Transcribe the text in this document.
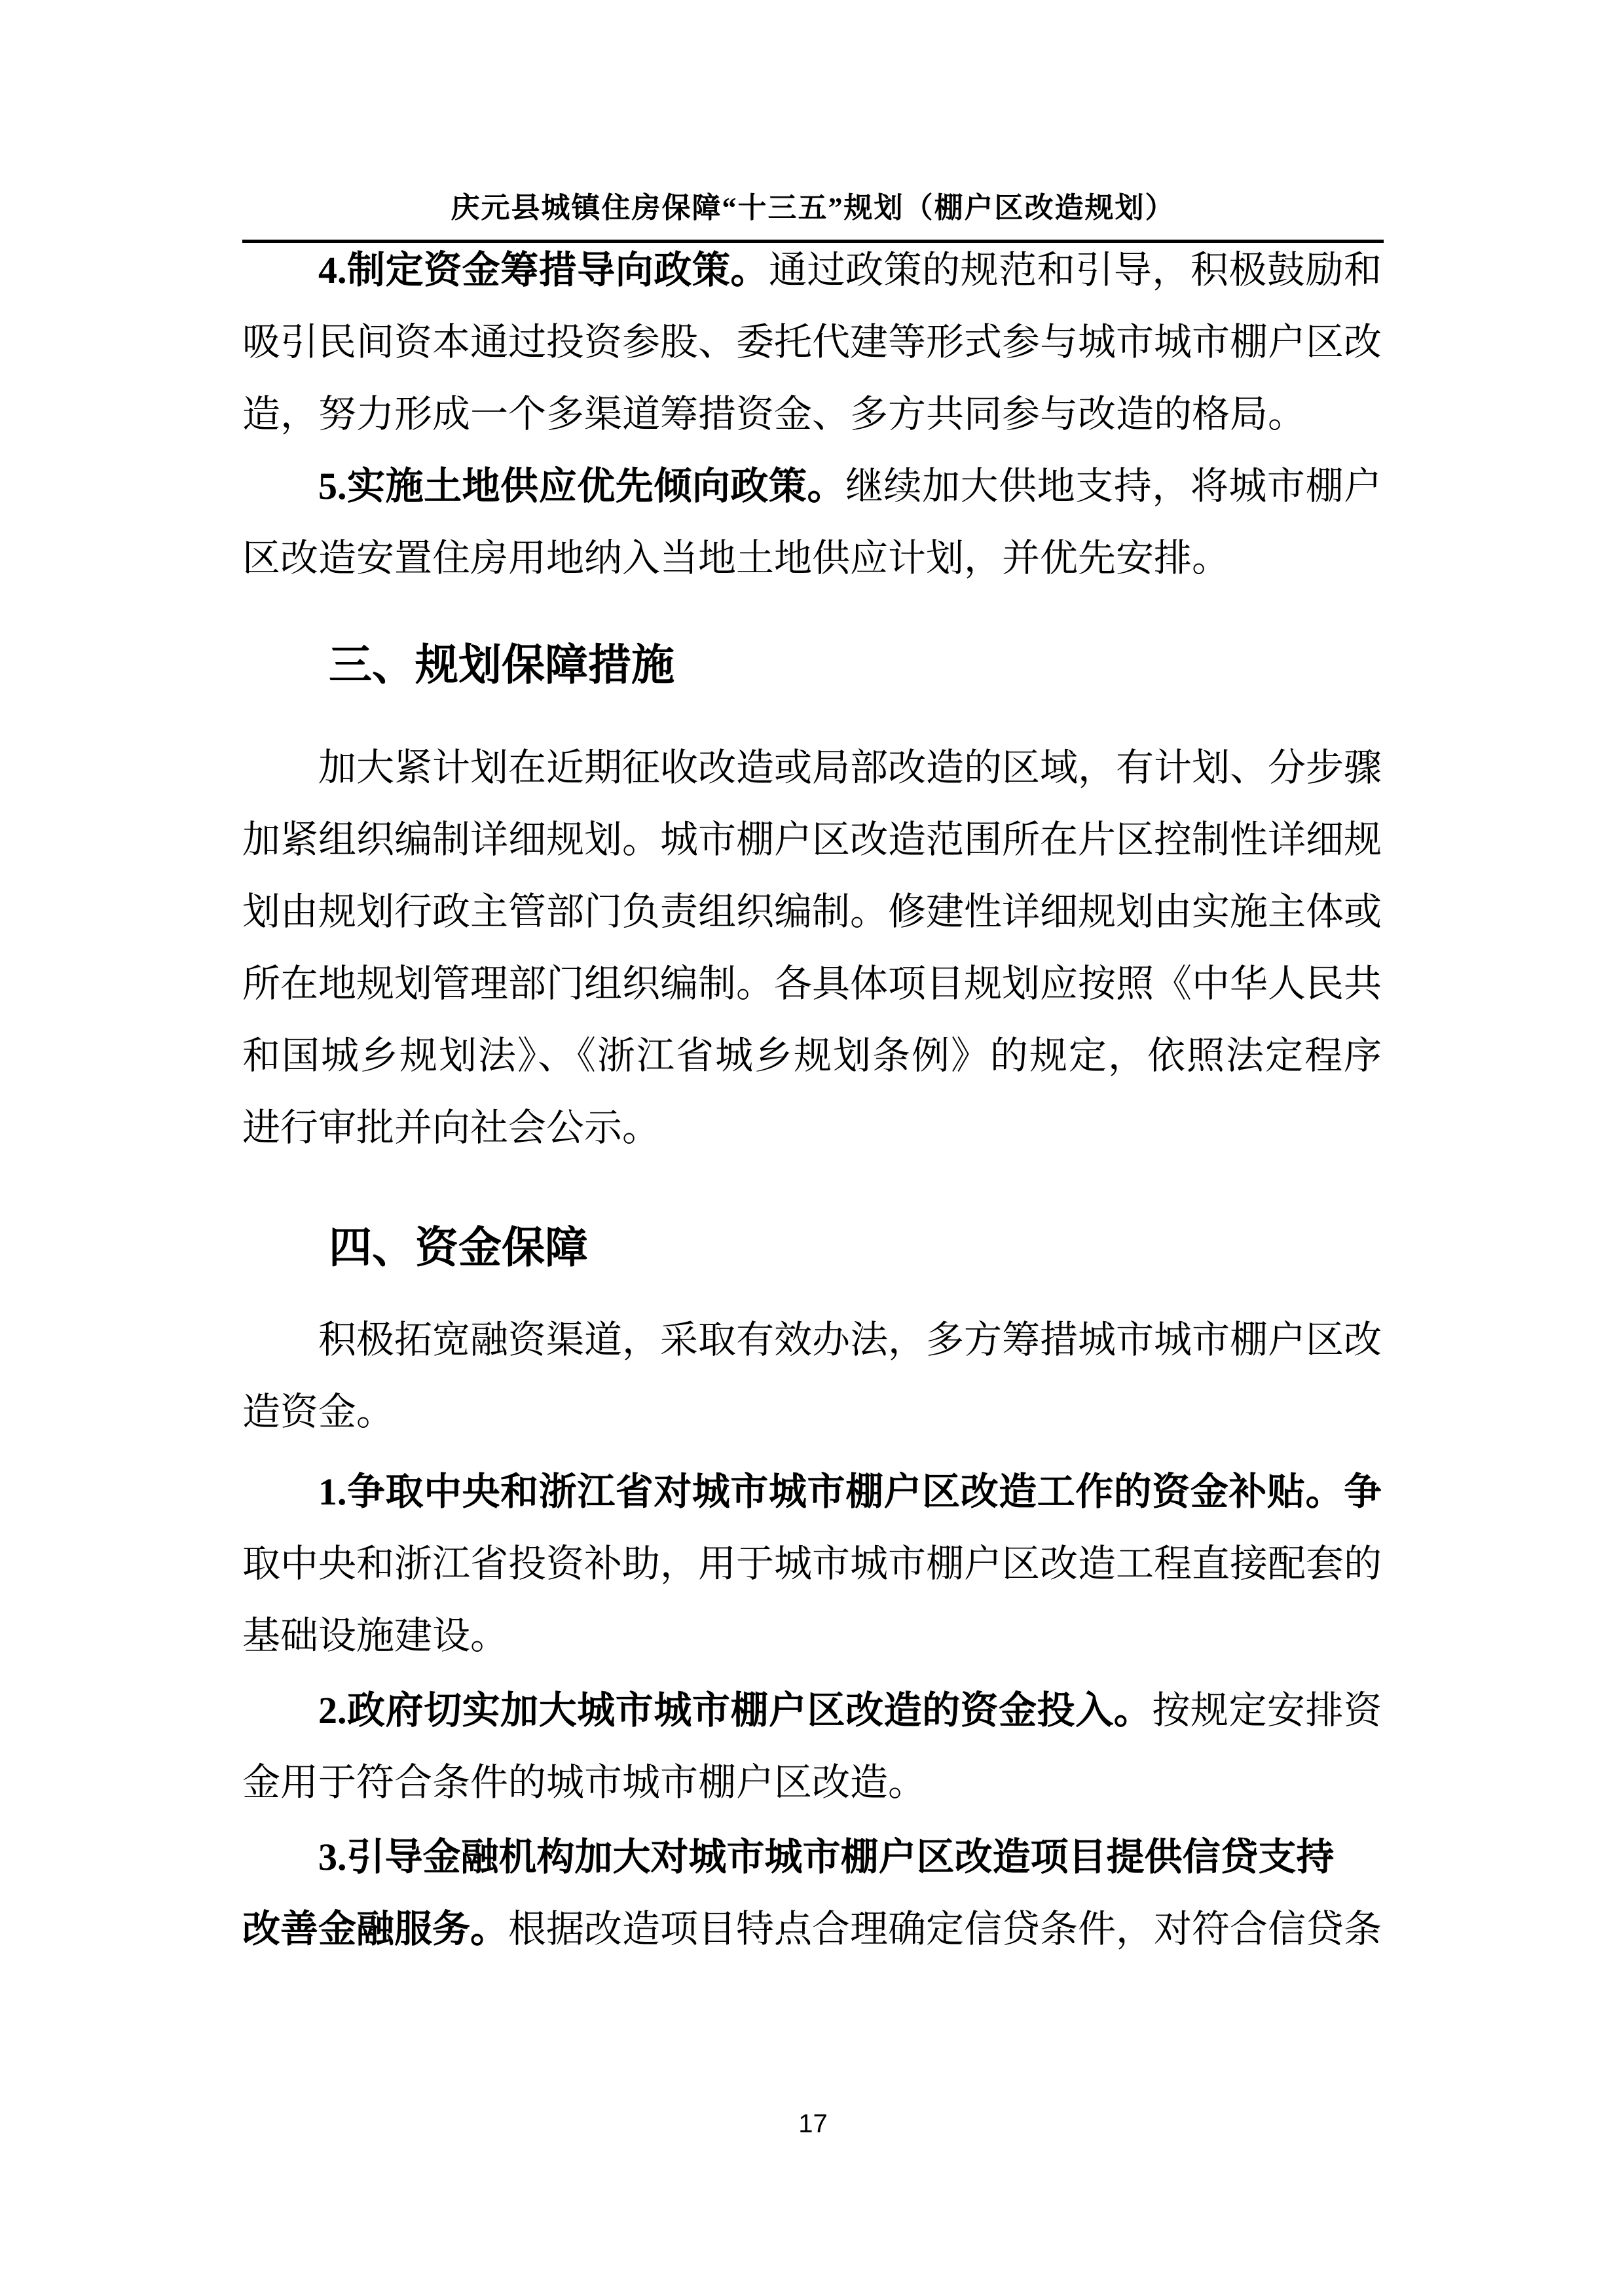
庆元县城镇住房保障“十三五”规划（棚户区改造规划）
4.制定资金筹措导向政策。通过政策的规范和引导，积极鼓励和
吸引民间资本通过投资参股、委托代建等形式参与城市城市棚户区改
造，努力形成一个多渠道筹措资金、多方共同参与改造的格局。
5.实施土地供应优先倾向政策。继续加大供地支持，将城市棚户
区改造安置住房用地纳入当地土地供应计划，并优先安排。
三、规划保障措施
加大紧计划在近期征收改造或局部改造的区域，有计划、分步骤
加紧组织编制详细规划。城市棚户区改造范围所在片区控制性详细规
划由规划行政主管部门负责组织编制。修建性详细规划由实施主体或
所在地规划管理部门组织编制。各具体项目规划应按照《中华人民共
和国城乡规划法》、《浙江省城乡规划条例》的规定，依照法定程序
进行审批并向社会公示。
四、资金保障
积极拓宽融资渠道，采取有效办法，多方筹措城市城市棚户区改
造资金。
1.争取中央和浙江省对城市城市棚户区改造工作的资金补贴。争
取中央和浙江省投资补助，用于城市城市棚户区改造工程直接配套的
基础设施建设。
2.政府切实加大城市城市棚户区改造的资金投入。按规定安排资
金用于符合条件的城市城市棚户区改造。
3.引导金融机构加大对城市城市棚户区改造项目提供信贷支持
改善金融服务。根据改造项目特点合理确定信贷条件，对符合信贷条
17
